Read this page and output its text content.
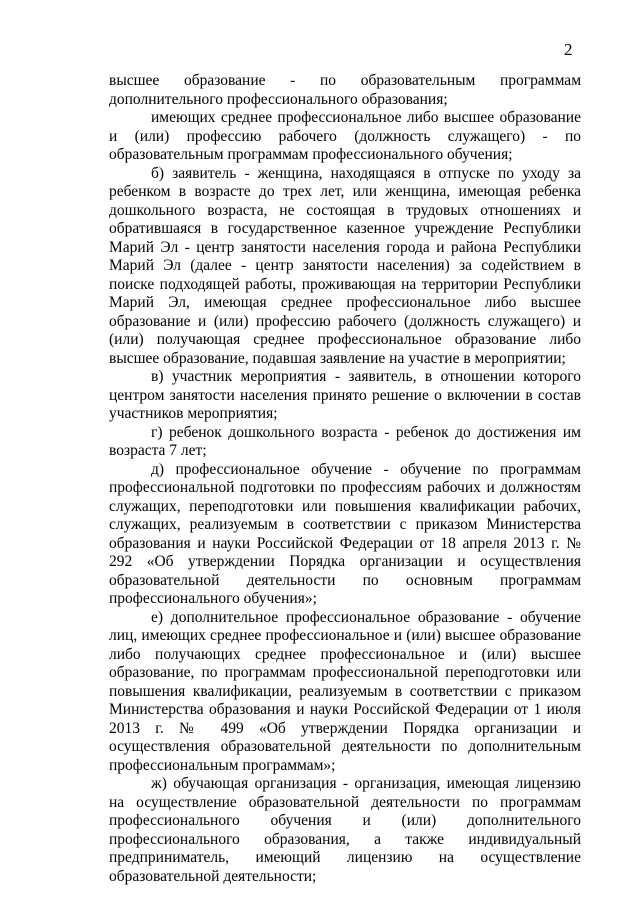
2

высшее образование - по образовательным программам дополнительного профессионального образования;

имеющих среднее профессиональное либо высшее образование и (или) профессию рабочего (должность служащего) - по образовательным программам профессионального обучения;

б) заявитель - женщина, находящаяся в отпуске по уходу за ребенком в возрасте до трех лет, или женщина, имеющая ребенка дошкольного возраста, не состоящая в трудовых отношениях и обратившаяся в государственное казенное учреждение Республики Марий Эл - центр занятости населения города и района Республики Марий Эл (далее - центр занятости населения) за содействием в поиске подходящей работы, проживающая на территории Республики Марий Эл, имеющая среднее профессиональное либо высшее образование и (или) профессию рабочего (должность служащего) и (или) получающая среднее профессиональное образование либо высшее образование, подавшая заявление на участие в мероприятии;

в) участник мероприятия - заявитель, в отношении которого центром занятости населения принято решение о включении в состав участников мероприятия;

г) ребенок дошкольного возраста - ребенок до достижения им возраста 7 лет;

д) профессиональное обучение - обучение по программам профессиональной подготовки по профессиям рабочих и должностям служащих, переподготовки или повышения квалификации рабочих, служащих, реализуемым в соответствии с приказом Министерства образования и науки Российской Федерации от 18 апреля 2013 г. № 292 «Об утверждении Порядка организации и осуществления образовательной деятельности по основным программам профессионального обучения»;

е) дополнительное профессиональное образование - обучение лиц, имеющих среднее профессиональное и (или) высшее образование либо получающих среднее профессиональное и (или) высшее образование, по программам профессиональной переподготовки или повышения квалификации, реализуемым в соответствии с приказом Министерства образования и науки Российской Федерации от 1 июля 2013 г. № 499 «Об утверждении Порядка организации и осуществления образовательной деятельности по дополнительным профессиональным программам»;

ж) обучающая организация - организация, имеющая лицензию на осуществление образовательной деятельности по программам профессионального обучения и (или) дополнительного профессионального образования, а также индивидуальный предприниматель, имеющий лицензию на осуществление образовательной деятельности;
